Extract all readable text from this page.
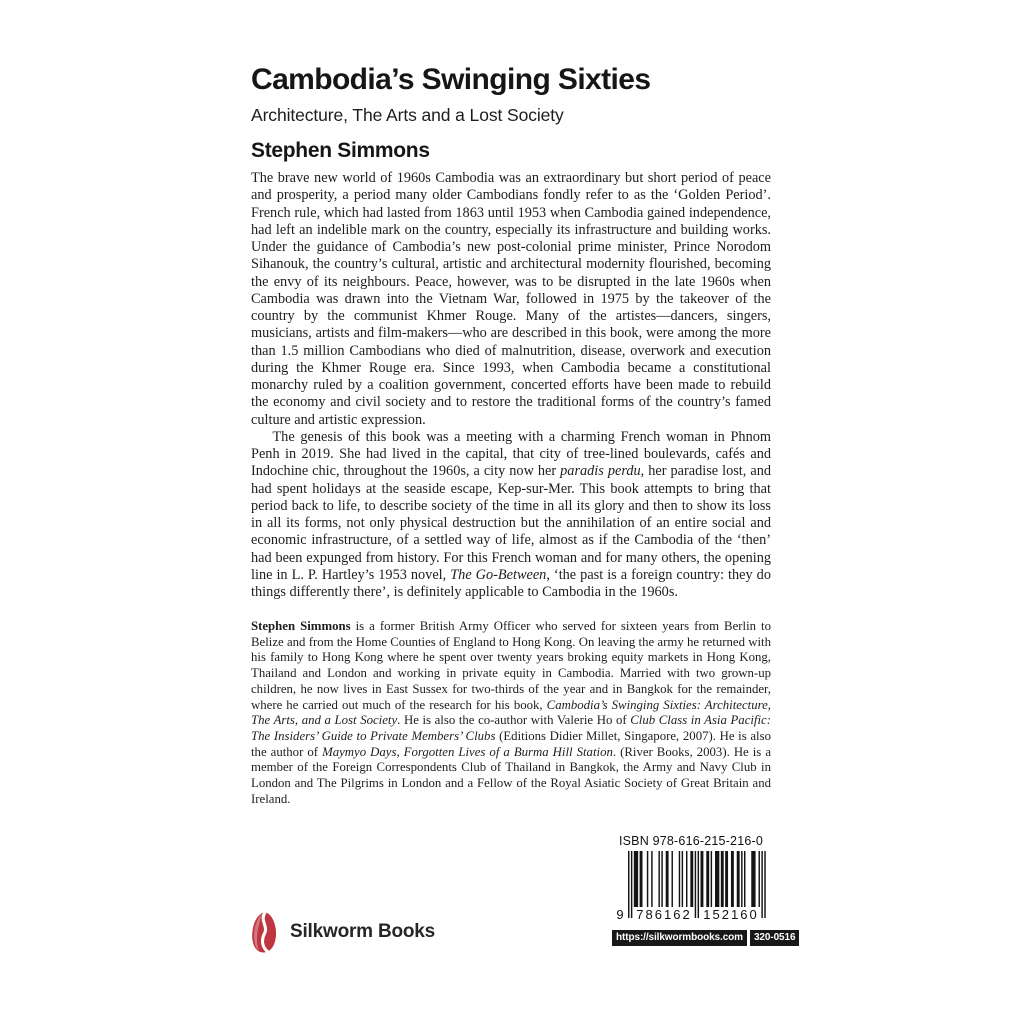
Cambodia’s Swinging Sixties
Architecture, The Arts and a Lost Society
Stephen Simmons

The brave new world of 1960s Cambodia was an extraordinary but short period of peace and prosperity, a period many older Cambodians fondly refer to as the ‘Golden Period’. French rule, which had lasted from 1863 until 1953 when Cambodia gained independence, had left an indelible mark on the country, especially its infrastructure and building works. Under the guidance of Cambodia’s new post-colonial prime minister, Prince Norodom Sihanouk, the country’s cultural, artistic and architectural modernity flourished, becoming the envy of its neighbours. Peace, however, was to be disrupted in the late 1960s when Cambodia was drawn into the Vietnam War, followed in 1975 by the takeover of the country by the communist Khmer Rouge. Many of the artistes—dancers, singers, musicians, artists and film-makers—who are described in this book, were among the more than 1.5 million Cambodians who died of malnutrition, disease, overwork and execution during the Khmer Rouge era. Since 1993, when Cambodia became a constitutional monarchy ruled by a coalition government, concerted efforts have been made to rebuild the economy and civil society and to restore the traditional forms of the country’s famed culture and artistic expression.

The genesis of this book was a meeting with a charming French woman in Phnom Penh in 2019. She had lived in the capital, that city of tree-lined boulevards, cafés and Indochine chic, throughout the 1960s, a city now her paradis perdu, her paradise lost, and had spent holidays at the seaside escape, Kep-sur-Mer. This book attempts to bring that period back to life, to describe society of the time in all its glory and then to show its loss in all its forms, not only physical destruction but the annihilation of an entire social and economic infrastructure, of a settled way of life, almost as if the Cambodia of the ‘then’ had been expunged from history. For this French woman and for many others, the opening line in L. P. Hartley’s 1953 novel, The Go-Between, ‘the past is a foreign country: they do things differently there’, is definitely applicable to Cambodia in the 1960s.

Stephen Simmons is a former British Army Officer who served for sixteen years from Berlin to Belize and from the Home Counties of England to Hong Kong. On leaving the army he returned with his family to Hong Kong where he spent over twenty years broking equity markets in Hong Kong, Thailand and London and working in private equity in Cambodia. Married with two grown-up children, he now lives in East Sussex for two-thirds of the year and in Bangkok for the remainder, where he carried out much of the research for his book, Cambodia’s Swinging Sixties: Architecture, The Arts, and a Lost Society. He is also the co-author with Valerie Ho of Club Class in Asia Pacific: The Insiders’ Guide to Private Members’ Clubs (Editions Didier Millet, Singapore, 2007). He is also the author of Maymyo Days, Forgotten Lives of a Burma Hill Station. (River Books, 2003). He is a member of the Foreign Correspondents Club of Thailand in Bangkok, the Army and Navy Club in London and The Pilgrims in London and a Fellow of the Royal Asiatic Society of Great Britain and Ireland.

ISBN 978-616-215-216-0
9 786162 152160
https://silkwormbooks.com	320-0516
Silkworm Books
